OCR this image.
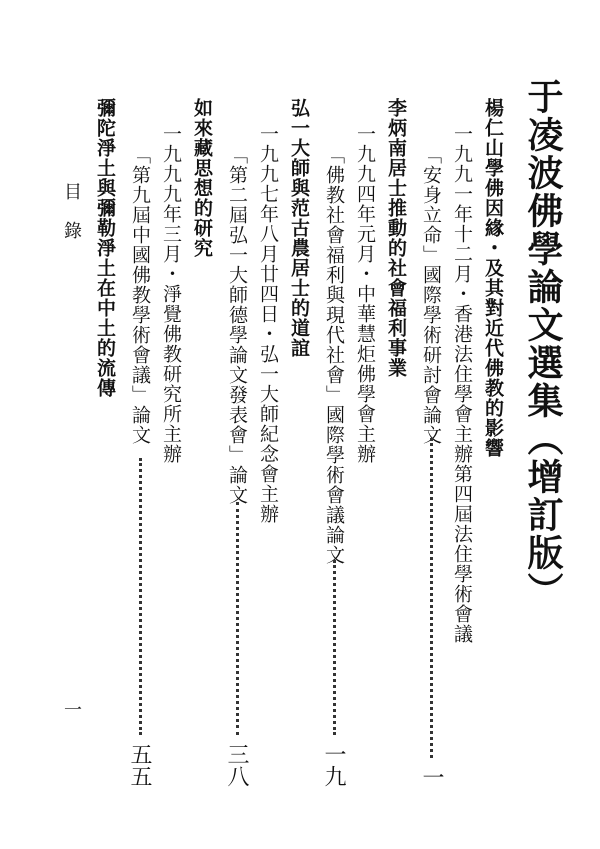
于凌波佛學論文選集︵增訂版︶
楊仁山學佛因緣・及其對近代佛教的影響
一九九一年十二月・香港法住學會主辦第四屆法住學術會議
「安身立命」國際學術研討會論文
一
李炳南居士推動的社會福利事業
一九九四年元月・中華慧炬佛學會主辦
「佛教社會福利與現代社會」國際學術會議論文
一九
弘一大師與范古農居士的道誼
一九九七年八月廿四日・弘一大師紀念會主辦
「第二屆弘一大師德學論文發表會」論文
三八
如來藏思想的研究
一九九九年三月・淨覺佛教研究所主辦
「第九屆中國佛教學術會議」論文
五五
彌陀淨土與彌勒淨土在中土的流傳
目 錄
一
